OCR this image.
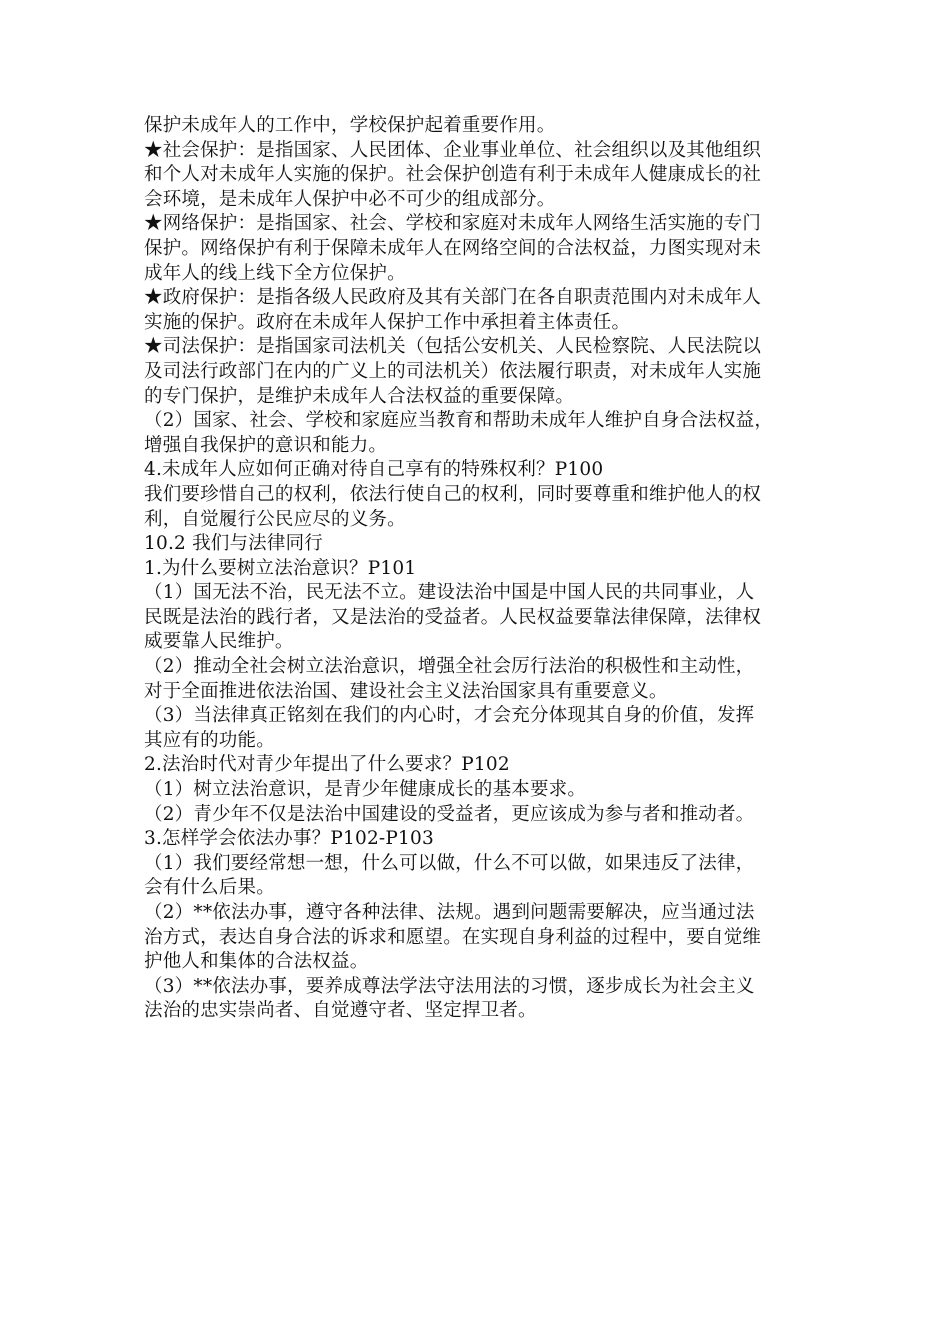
保护未成年人的工作中，学校保护起着重要作用。
★社会保护：是指国家、人民团体、企业事业单位、社会组织以及其他组织
和个人对未成年人实施的保护。社会保护创造有利于未成年人健康成长的社
会环境，是未成年人保护中必不可少的组成部分。
★网络保护：是指国家、社会、学校和家庭对未成年人网络生活实施的专门
保护。网络保护有利于保障未成年人在网络空间的合法权益，力图实现对未
成年人的线上线下全方位保护。
★政府保护：是指各级人民政府及其有关部门在各自职责范围内对未成年人
实施的保护。政府在未成年人保护工作中承担着主体责任。
★司法保护：是指国家司法机关（包括公安机关、人民检察院、人民法院以
及司法行政部门在内的广义上的司法机关）依法履行职责，对未成年人实施
的专门保护，是维护未成年人合法权益的重要保障。
（2）国家、社会、学校和家庭应当教育和帮助未成年人维护自身合法权益，
增强自我保护的意识和能力。
4.未成年人应如何正确对待自己享有的特殊权利？P100
我们要珍惜自己的权利，依法行使自己的权利，同时要尊重和维护他人的权
利，自觉履行公民应尽的义务。
10.2 我们与法律同行
1.为什么要树立法治意识？P101
（1）国无法不治，民无法不立。建设法治中国是中国人民的共同事业，人
民既是法治的践行者，又是法治的受益者。人民权益要靠法律保障，法律权
威要靠人民维护。
（2）推动全社会树立法治意识，增强全社会厉行法治的积极性和主动性，
对于全面推进依法治国、建设社会主义法治国家具有重要意义。
（3）当法律真正铭刻在我们的内心时，才会充分体现其自身的价值，发挥
其应有的功能。
2.法治时代对青少年提出了什么要求？P102
（1）树立法治意识，是青少年健康成长的基本要求。
（2）青少年不仅是法治中国建设的受益者，更应该成为参与者和推动者。
3.怎样学会依法办事？P102-P103
（1）我们要经常想一想，什么可以做，什么不可以做，如果违反了法律，
会有什么后果。
（2）**依法办事，遵守各种法律、法规。遇到问题需要解决，应当通过法
治方式，表达自身合法的诉求和愿望。在实现自身利益的过程中，要自觉维
护他人和集体的合法权益。
（3）**依法办事，要养成尊法学法守法用法的习惯，逐步成长为社会主义
法治的忠实崇尚者、自觉遵守者、坚定捍卫者。
